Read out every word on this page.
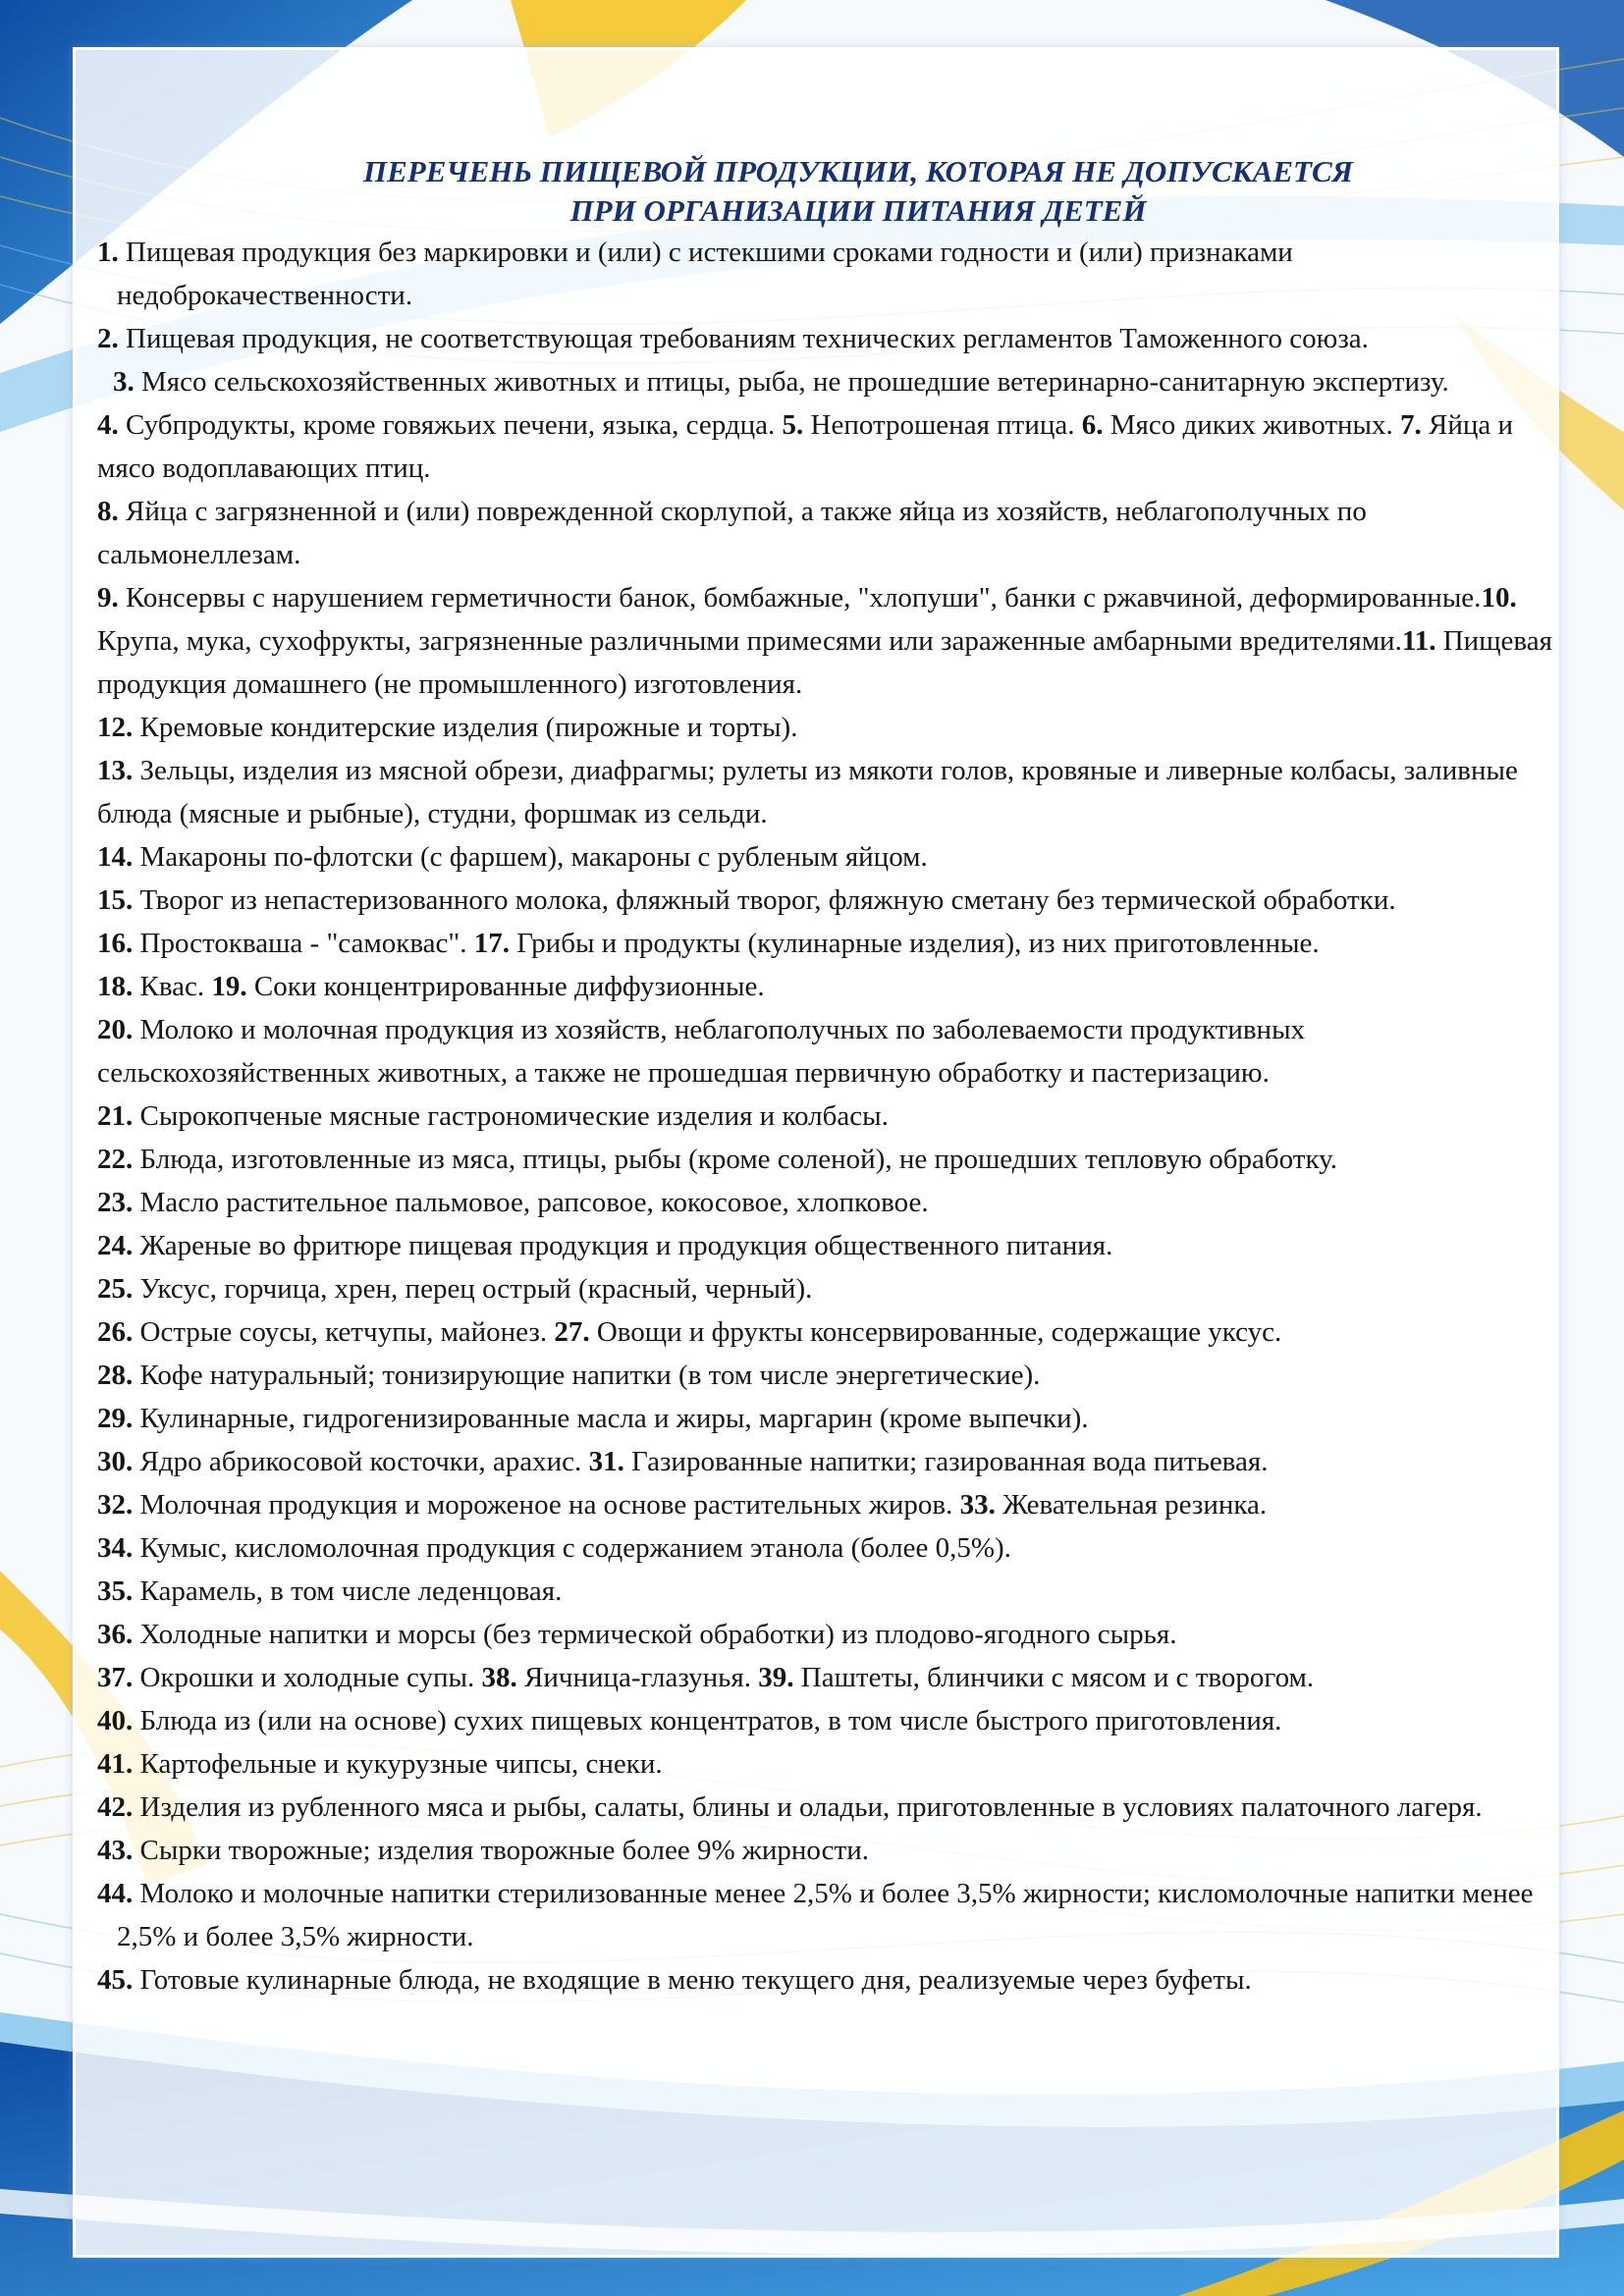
ПЕРЕЧЕНЬ ПИЩЕВОЙ ПРОДУКЦИИ, КОТОРАЯ НЕ ДОПУСКАЕТСЯ
ПРИ ОРГАНИЗАЦИИ ПИТАНИЯ ДЕТЕЙ

1. Пищевая продукция без маркировки и (или) с истекшими сроками годности и (или) признаками недоброкачественности.

2. Пищевая продукция, не соответствующая требованиям технических регламентов Таможенного союза.

3. Мясо сельскохозяйственных животных и птицы, рыба, не прошедшие ветеринарно-санитарную экспертизу.

4. Субпродукты, кроме говяжьих печени, языка, сердца. 5. Непотрошеная птица. 6. Мясо диких животных. 7. Яйца и мясо водоплавающих птиц.

8. Яйца с загрязненной и (или) поврежденной скорлупой, а также яйца из хозяйств, неблагополучных по сальмонеллезам.

9. Консервы с нарушением герметичности банок, бомбажные, "хлопуши", банки с ржавчиной, деформированные.10. Крупа, мука, сухофрукты, загрязненные различными примесями или зараженные амбарными вредителями.11. Пищевая продукция домашнего (не промышленного) изготовления.

12. Кремовые кондитерские изделия (пирожные и торты).

13. Зельцы, изделия из мясной обрези, диафрагмы; рулеты из мякоти голов, кровяные и ливерные колбасы, заливные блюда (мясные и рыбные), студни, форшмак из сельди.

14. Макароны по-флотски (с фаршем), макароны с рубленым яйцом.

15. Творог из непастеризованного молока, фляжный творог, фляжную сметану без термической обработки.

16. Простокваша - "самоквас". 17. Грибы и продукты (кулинарные изделия), из них приготовленные.

18. Квас. 19. Соки концентрированные диффузионные.

20. Молоко и молочная продукция из хозяйств, неблагополучных по заболеваемости продуктивных сельскохозяйственных животных, а также не прошедшая первичную обработку и пастеризацию.

21. Сырокопченые мясные гастрономические изделия и колбасы.

22. Блюда, изготовленные из мяса, птицы, рыбы (кроме соленой), не прошедших тепловую обработку.

23. Масло растительное пальмовое, рапсовое, кокосовое, хлопковое.

24. Жареные во фритюре пищевая продукция и продукция общественного питания.

25. Уксус, горчица, хрен, перец острый (красный, черный).

26. Острые соусы, кетчупы, майонез. 27. Овощи и фрукты консервированные, содержащие уксус.

28. Кофе натуральный; тонизирующие напитки (в том числе энергетические).

29. Кулинарные, гидрогенизированные масла и жиры, маргарин (кроме выпечки).

30. Ядро абрикосовой косточки, арахис. 31. Газированные напитки; газированная вода питьевая.

32. Молочная продукция и мороженое на основе растительных жиров. 33. Жевательная резинка.

34. Кумыс, кисломолочная продукция с содержанием этанола (более 0,5%).

35. Карамель, в том числе леденцовая.

36. Холодные напитки и морсы (без термической обработки) из плодово-ягодного сырья.

37. Окрошки и холодные супы. 38. Яичница-глазунья. 39. Паштеты, блинчики с мясом и с творогом.

40. Блюда из (или на основе) сухих пищевых концентратов, в том числе быстрого приготовления.

41. Картофельные и кукурузные чипсы, снеки.

42. Изделия из рубленного мяса и рыбы, салаты, блины и оладьи, приготовленные в условиях палаточного лагеря.

43. Сырки творожные; изделия творожные более 9% жирности.

44. Молоко и молочные напитки стерилизованные менее 2,5% и более 3,5% жирности; кисломолочные напитки менее 2,5% и более 3,5% жирности.

45. Готовые кулинарные блюда, не входящие в меню текущего дня, реализуемые через буфеты.
